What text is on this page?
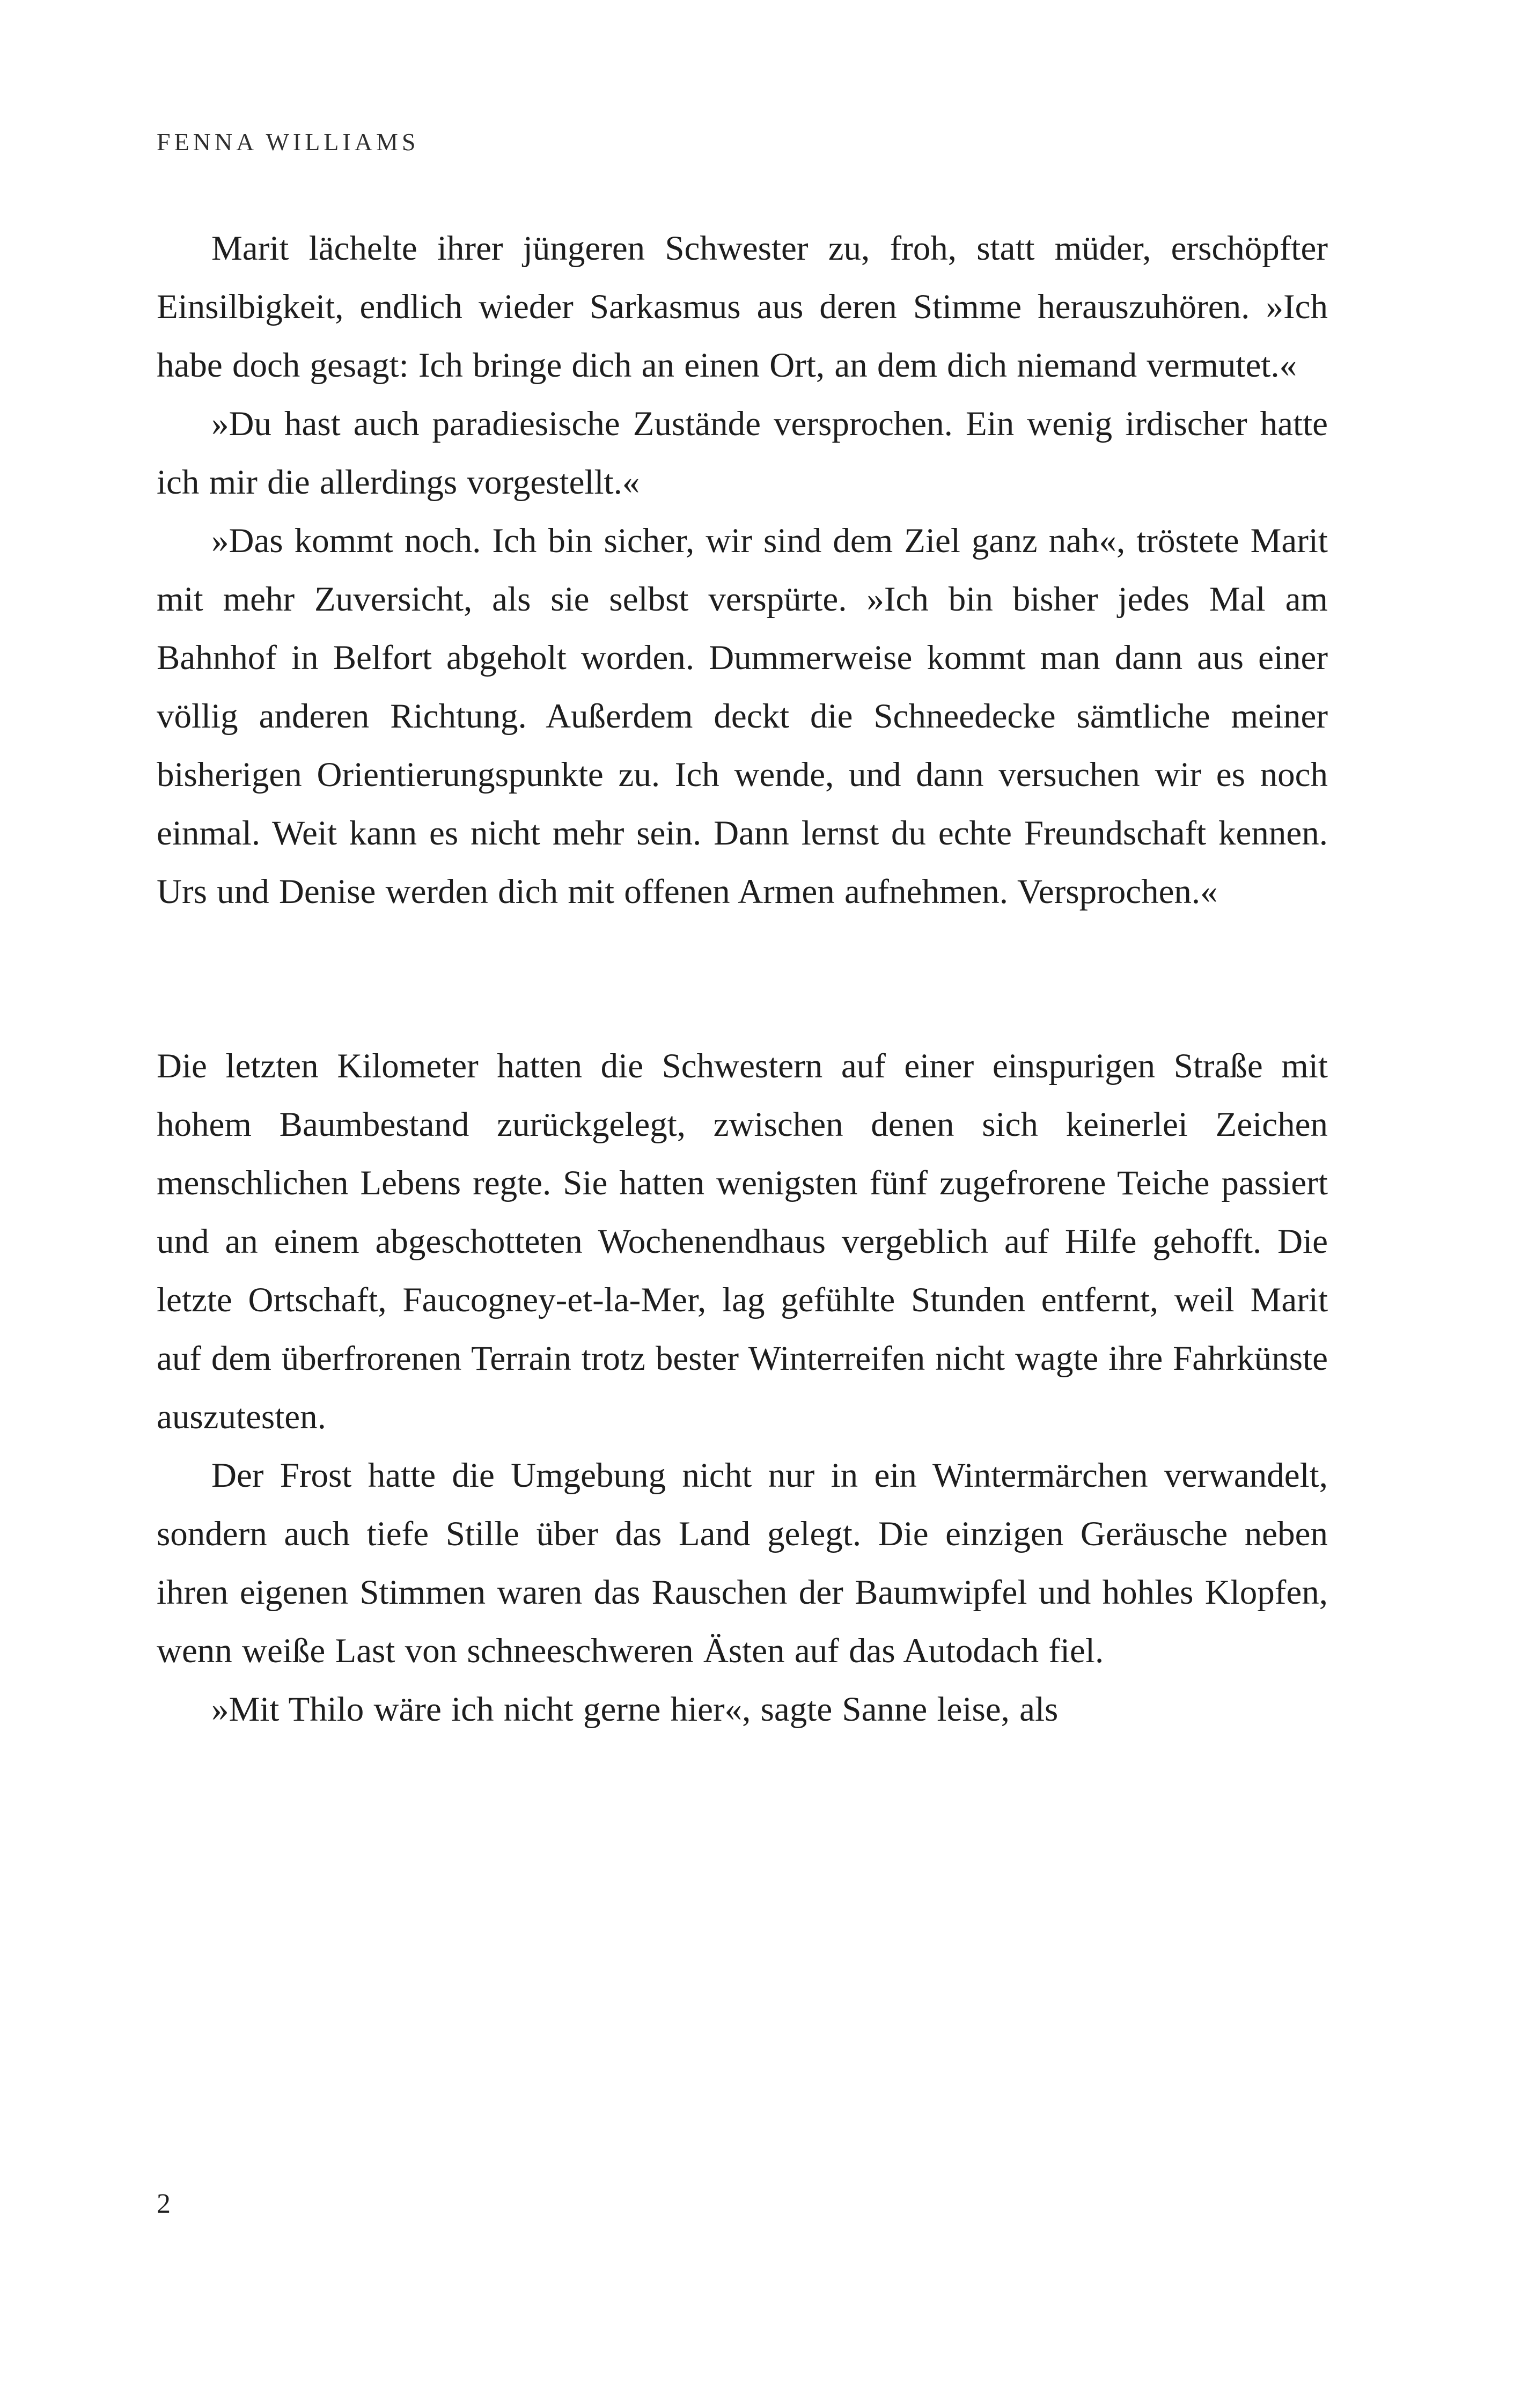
FENNA WILLIAMS

Marit lächelte ihrer jüngeren Schwester zu, froh, statt müder, erschöpfter Einsilbigkeit, endlich wieder Sarkasmus aus deren Stimme herauszuhören. »Ich habe doch gesagt: Ich bringe dich an einen Ort, an dem dich niemand vermutet.«

»Du hast auch paradiesische Zustände versprochen. Ein wenig irdischer hatte ich mir die allerdings vorgestellt.«

»Das kommt noch. Ich bin sicher, wir sind dem Ziel ganz nah«, tröstete Marit mit mehr Zuversicht, als sie selbst verspürte. »Ich bin bisher jedes Mal am Bahnhof in Belfort abgeholt worden. Dummerweise kommt man dann aus einer völlig anderen Richtung. Außerdem deckt die Schneedecke sämtliche meiner bisherigen Orientierungspunkte zu. Ich wende, und dann versuchen wir es noch einmal. Weit kann es nicht mehr sein. Dann lernst du echte Freundschaft kennen. Urs und Denise werden dich mit offenen Armen aufnehmen. Versprochen.«

Die letzten Kilometer hatten die Schwestern auf einer einspurigen Straße mit hohem Baumbestand zurückgelegt, zwischen denen sich keinerlei Zeichen menschlichen Lebens regte. Sie hatten wenigsten fünf zugefrorene Teiche passiert und an einem abgeschotteten Wochenendhaus vergeblich auf Hilfe gehofft. Die letzte Ortschaft, Faucogney-et-la-Mer, lag gefühlte Stunden entfernt, weil Marit auf dem überfrorenen Terrain trotz bester Winterreifen nicht wagte ihre Fahrkünste auszutesten.

Der Frost hatte die Umgebung nicht nur in ein Wintermärchen verwandelt, sondern auch tiefe Stille über das Land gelegt. Die einzigen Geräusche neben ihren eigenen Stimmen waren das Rauschen der Baumwipfel und hohles Klopfen, wenn weiße Last von schneeschweren Ästen auf das Autodach fiel.

»Mit Thilo wäre ich nicht gerne hier«, sagte Sanne leise, als

2
